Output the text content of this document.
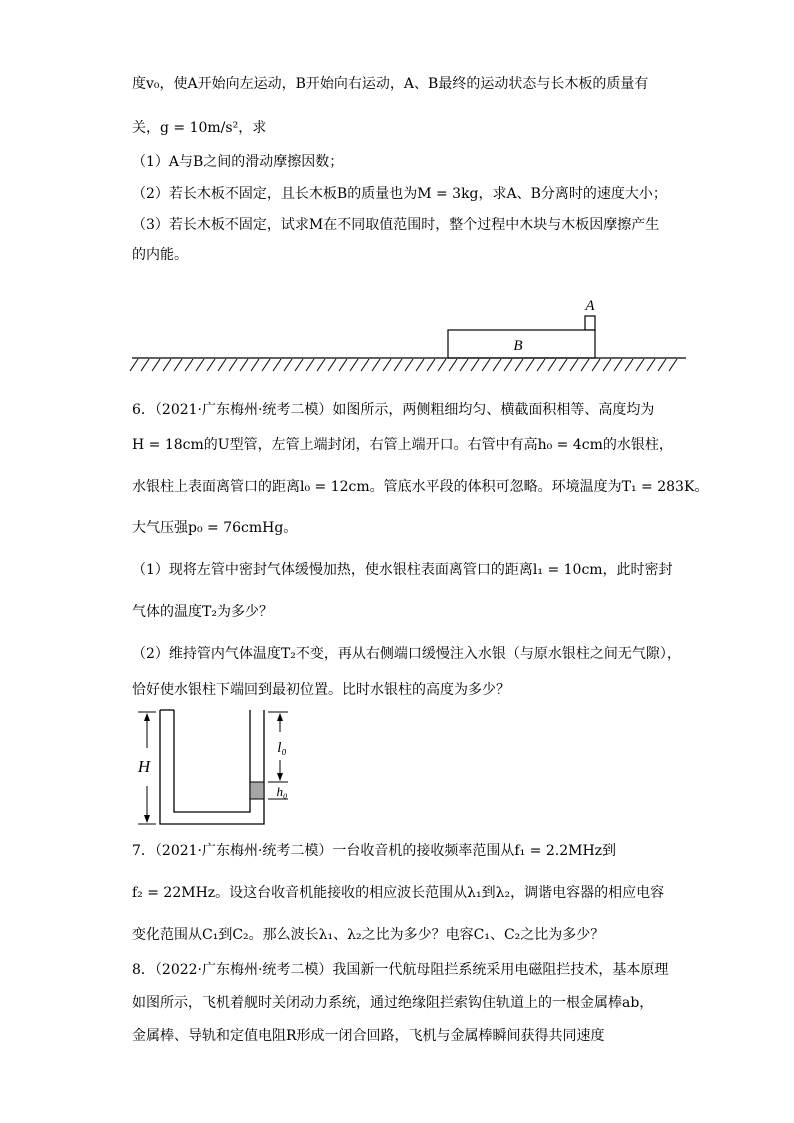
度v₀，使A开始向左运动，B开始向右运动，A、B最终的运动状态与长木板的质量有
关，g = 10m/s²，求
（1）A与B之间的滑动摩擦因数；
（2）若长木板不固定，且长木板B的质量也为M = 3kg，求A、B分离时的速度大小；
（3）若长木板不固定，试求M在不同取值范围时，整个过程中木块与木板因摩擦产生
的内能。
A
B
6．（2021·广东梅州·统考二模）如图所示，两侧粗细均匀、横截面积相等、高度均为
H = 18cm的U型管，左管上端封闭，右管上端开口。右管中有高h₀ = 4cm的水银柱，
水银柱上表面离管口的距离l₀ = 12cm。管底水平段的体积可忽略。环境温度为T₁ = 283K。
大气压强p₀ = 76cmHg。
（1）现将左管中密封气体缓慢加热，使水银柱表面离管口的距离l₁ = 10cm，此时密封
气体的温度T₂为多少？
（2）维持管内气体温度T₂不变，再从右侧端口缓慢注入水银（与原水银柱之间无气隙），
恰好使水银柱下端回到最初位置。比时水银柱的高度为多少？
H
l₀
h₀
7．（2021·广东梅州·统考二模）一台收音机的接收频率范围从f₁ = 2.2MHz到
f₂ = 22MHz。设这台收音机能接收的相应波长范围从λ₁到λ₂，调谐电容器的相应电容
变化范围从C₁到C₂。那么波长λ₁、λ₂之比为多少？电容C₁、C₂之比为多少？
8．（2022·广东梅州·统考二模）我国新一代航母阻拦系统采用电磁阻拦技术，基本原理
如图所示，飞机着舰时关闭动力系统，通过绝缘阻拦索钩住轨道上的一根金属棒ab，
金属棒、导轨和定值电阻R形成一闭合回路，飞机与金属棒瞬间获得共同速度
